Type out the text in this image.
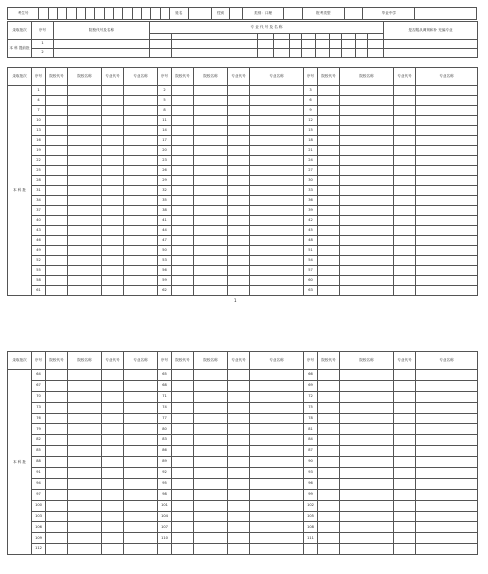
考生号															姓名		性别		类别：口理		报考类型		毕业中学	
录取批次	序号	院校代号及名称	专 业 代 号 及 名 称											是否服从调剂和补 充偏专业

本 科 提前批	1													
	2													
录取批次	序号	院校代号	院校名称	专业代号	专业名称	序号	院校代号	院校名称	专业代号	专业名称	序号	院校代号	院校名称	专业代号	专业名称
本 科 批	1					2					3				
	4					5					6				
	7					8					9				
	10					11					12				
	13					14					15				
	16					17					18				
	19					20					21				
	22					23					24				
	25					26					27				
	28					29					30				
	31					32					33				
	34					35					36				
	37					38					39				
	40					41					42				
	43					44					45				
	46					47					48				
	49					50					51				
	52					53					54				
	55					56					57				
	58					59					60				
	61					62					63				
1
录取批次	序号	院校代号	院校名称	专业代号	专业名称	序号	院校代号	院校名称	专业代号	专业名称	序号	院校代号	院校名称	专业代号	专业名称
本 科 批	64					65					66				
	67					68					69				
	70					71					72				
	73					74					75				
	76					77					78				
	79					80					81				
	82					83					84				
	85					86					87				
	88					89					90				
	91					92					93				
	94					95					96				
	97					98					99				
	100					101					102				
	103					104					105				
	106					107					108				
	109					110					111				
	112														
